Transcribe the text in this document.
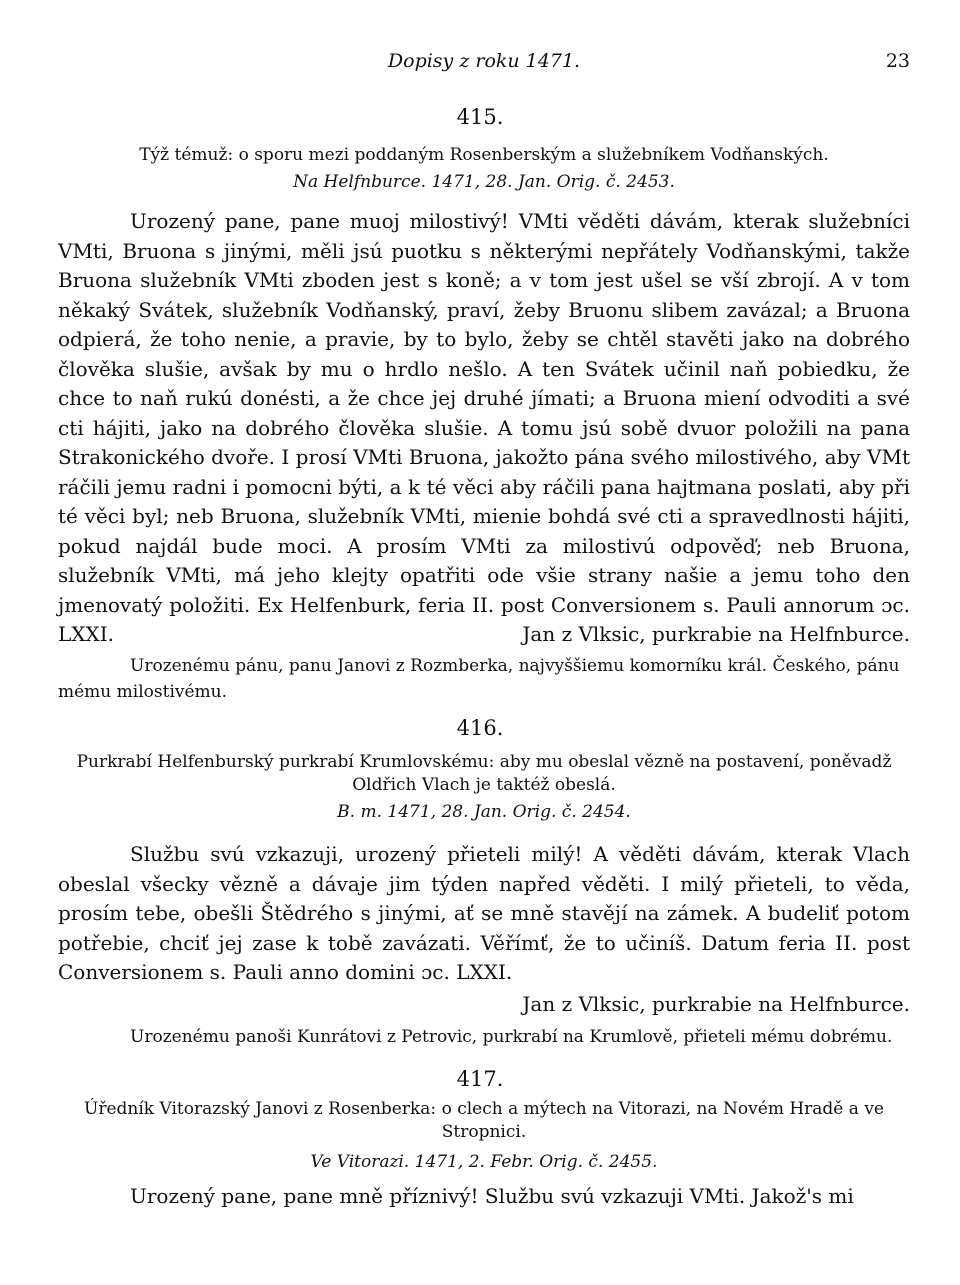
Dopisy z roku 1471.	23
415.
Týž témuž: o sporu mezi poddaným Rosenberským a služebníkem Vodňanských.
Na Helfnburce. 1471, 28. Jan. Orig. č. 2453.

Urozený pane, pane muoj milostivý! VMti věděti dávám, kterak služebníci VMti, Bruona s jinými, měli jsú puotku s některými nepřátely Vodňanskými, takže Bruona služebník VMti zboden jest s koně; a v tom jest ušel se vší zbrojí. A v tom někaký Svátek, služebník Vodňanský, praví, žeby Bruonu slibem zavázal; a Bruona odpierá, že toho nenie, a pravie, by to bylo, žeby se chtěl stavěti jako na dobrého člověka slušie, avšak by mu o hrdlo nešlo. A ten Svátek učinil naň pobiedku, že chce to naň rukú donésti, a že chce jej druhé jímati; a Bruona miení odvoditi a své cti hájiti, jako na dobrého člověka slušie. A tomu jsú sobě dvuor položili na pana Strakonického dvoře. I prosí VMti Bruona, jakožto pána svého milostivého, aby VMt ráčili jemu radni i pomocni býti, a k té věci aby ráčili pana hajtmana poslati, aby při té věci byl; neb Bruona, služebník VMti, mienie bohdá své cti a spravedlnosti hájiti, pokud najdál bude moci. A prosím VMti za milostivú odpověď; neb Bruona, služebník VMti, má jeho klejty opatřiti ode všie strany našie a jemu toho den jmenovatý položiti. Ex Helfenburk, feria II. post Conversionem s. Pauli annorum ɔc. LXXI.	Jan z Vlksic, purkrabie na Helfnburce.
Urozenému pánu, panu Janovi z Rozmberka, najvyššiemu komorníku král. Českého, pánu mému milostivému.
416.
Purkrabí Helfenburský purkrabí Krumlovskému: aby mu obeslal vězně na postavení, poněvadž Oldřich Vlach je taktéž obeslá.
B. m. 1471, 28. Jan. Orig. č. 2454.

Službu svú vzkazuji, urozený přieteli milý! A věděti dávám, kterak Vlach obeslal všecky vězně a dávaje jim týden napřed věděti. I milý přieteli, to věda, prosím tebe, obešli Štědrého s jinými, ať se mně stavějí na zámek. A budeliť potom potřebie, chciť jej zase k tobě zavázati. Věřímť, že to učiníš. Datum feria II. post Conversionem s. Pauli anno domini ɔc. LXXI.

Jan z Vlksic, purkrabie na Helfnburce.
Urozenému panoši Kunrátovi z Petrovic, purkrabí na Krumlově, přieteli mému dobrému.
417.
Úředník Vitorazský Janovi z Rosenberka: o clech a mýtech na Vitorazi, na Novém Hradě a ve Stropnici.
Ve Vitorazi. 1471, 2. Febr. Orig. č. 2455.

Urozený pane, pane mně příznivý! Službu svú vzkazuji VMti. Jakož's mi
